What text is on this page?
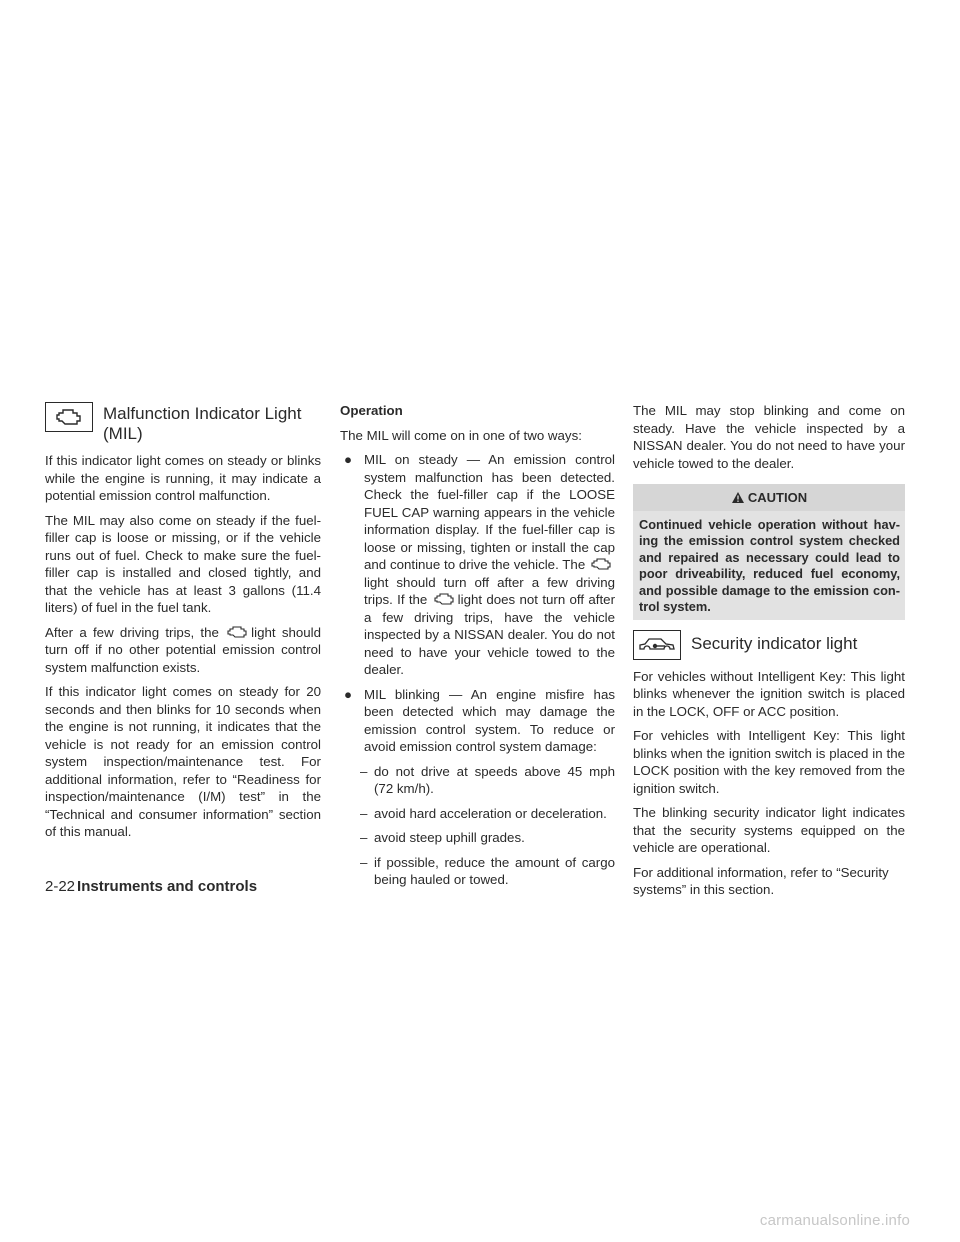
Malfunction Indicator Light
(MIL)

If this indicator light comes on steady or blinks while the engine is running, it may indicate a potential emission control malfunction.

The MIL may also come on steady if the fuel-filler cap is loose or missing, or if the vehicle runs out of fuel. Check to make sure the fuel-filler cap is installed and closed tightly, and that the vehicle has at least 3 gallons (11.4 liters) of fuel in the fuel tank.

After a few driving trips, the light should turn off if no other potential emission control system malfunction exists.

If this indicator light comes on steady for 20 seconds and then blinks for 10 seconds when the engine is not running, it indicates that the vehicle is not ready for an emission control system inspection/maintenance test. For additional information, refer to “Readiness for inspection/maintenance (I/M) test” in the “Technical and consumer information” section of this manual.

Operation

The MIL will come on in one of two ways:

● MIL on steady — An emission control system malfunction has been detected. Check the fuel-filler cap if the LOOSE FUEL CAP warning appears in the vehicle information display. If the fuel-filler cap is loose or missing, tighten or install the cap and continue to drive the vehicle. The light should turn off after a few driving trips. If the light does not turn off after a few driving trips, have the vehicle inspected by a NISSAN dealer. You do not need to have your vehicle towed to the dealer.
● MIL blinking — An engine misfire has been detected which may damage the emission control system. To reduce or avoid emission control system damage:
– do not drive at speeds above 45 mph (72 km/h).
– avoid hard acceleration or deceleration.
– avoid steep uphill grades.
– if possible, reduce the amount of cargo being hauled or towed.

The MIL may stop blinking and come on steady. Have the vehicle inspected by a NISSAN dealer. You do not need to have your vehicle towed to the dealer.

CAUTION
Continued vehicle operation without having the emission control system checked and repaired as necessary could lead to poor driveability, reduced fuel economy, and possible damage to the emission control system.
Security indicator light

For vehicles without Intelligent Key: This light blinks whenever the ignition switch is placed in the LOCK, OFF or ACC position.

For vehicles with Intelligent Key: This light blinks when the ignition switch is placed in the LOCK position with the key removed from the ignition switch.

The blinking security indicator light indicates that the security systems equipped on the vehicle are operational.

For additional information, refer to “Security systems” in this section.

2-22 Instruments and controls
carmanualsonline.info
